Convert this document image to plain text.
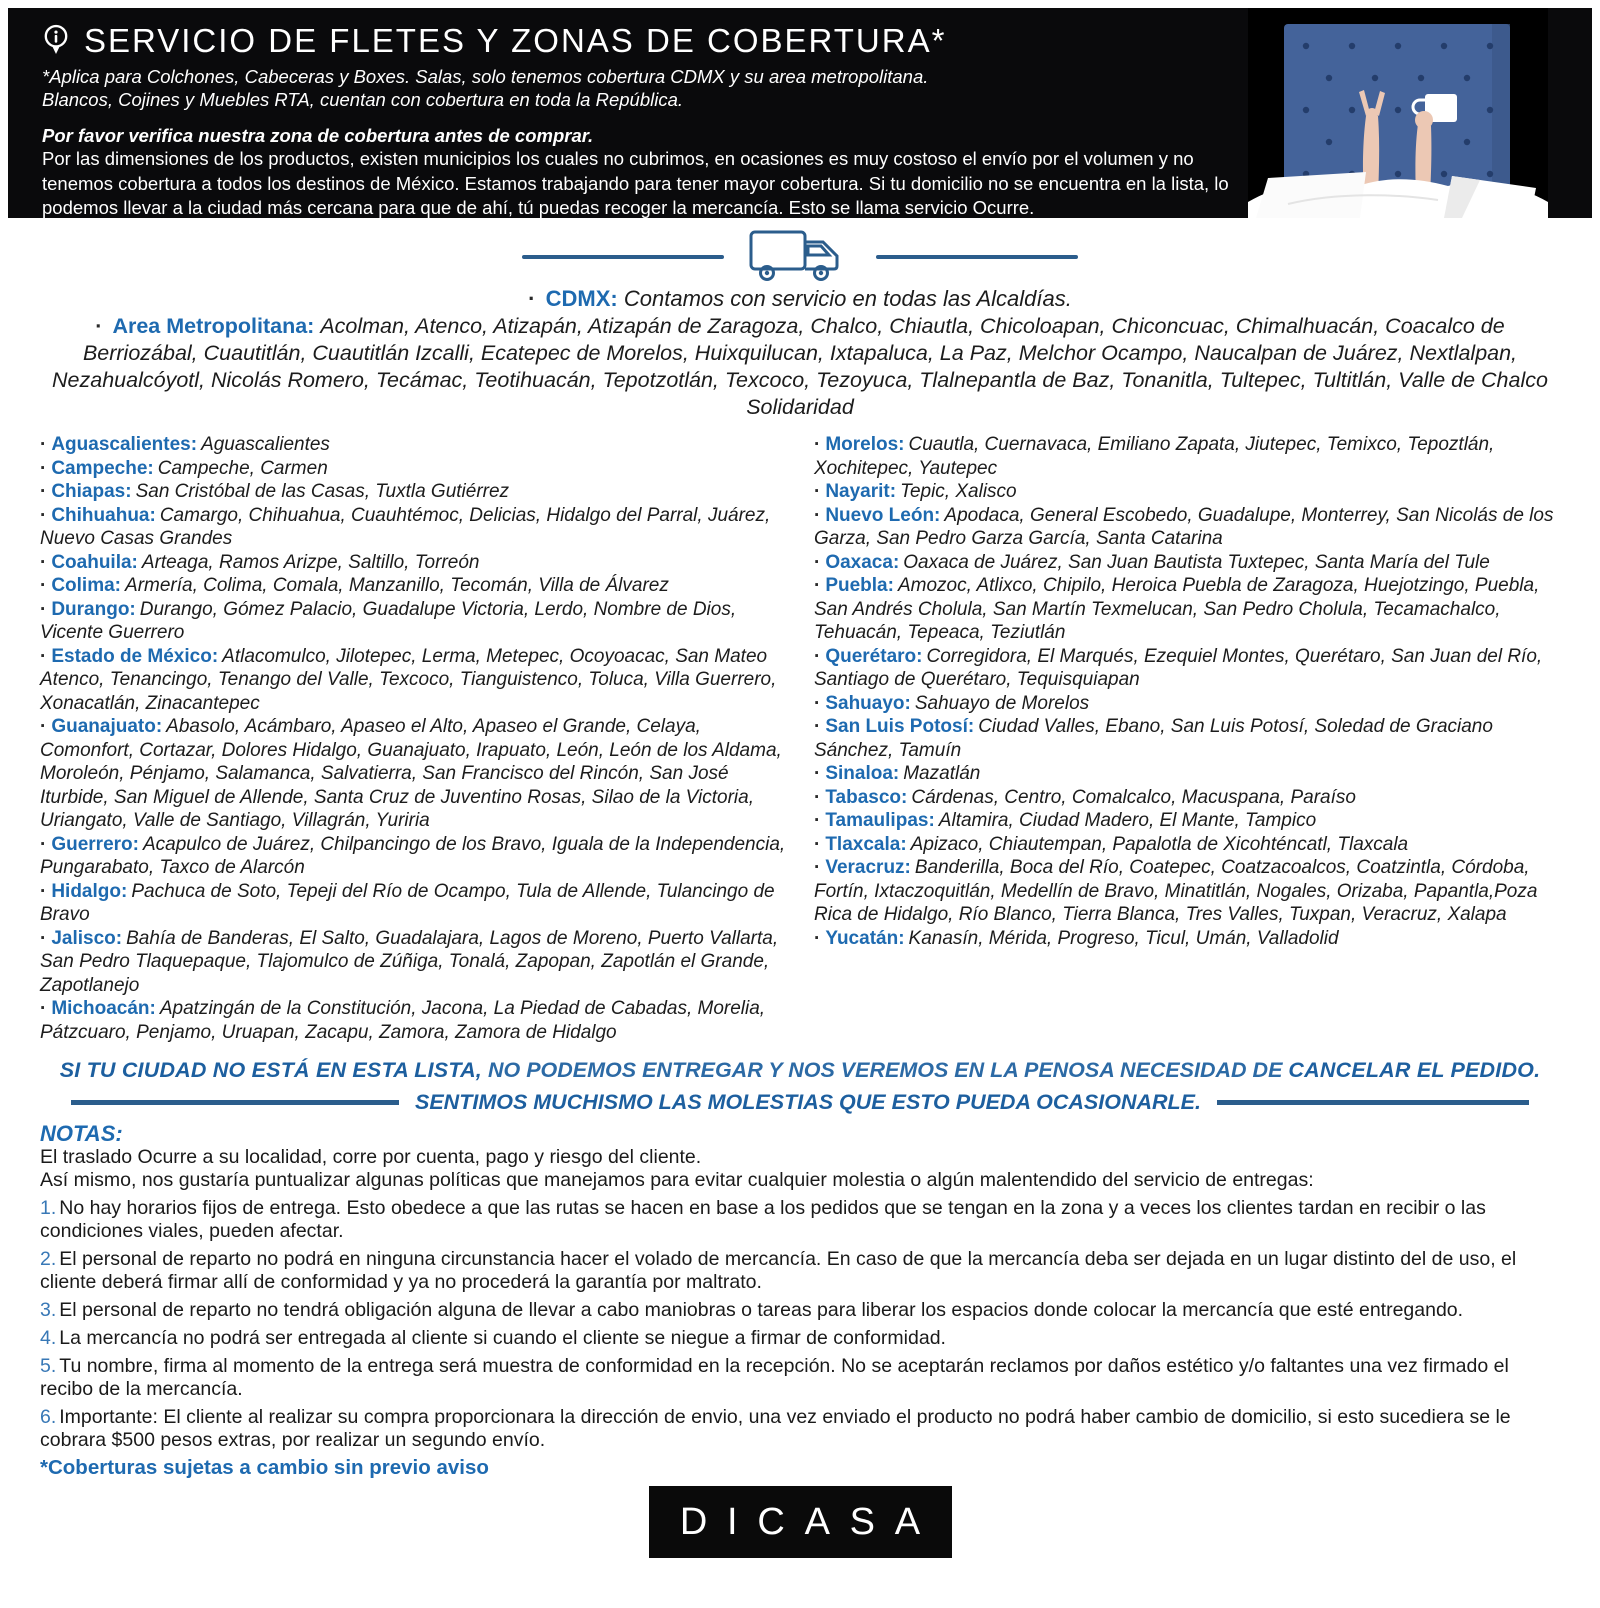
SERVICIO DE FLETES Y ZONAS DE COBERTURA*
*Aplica para Colchones, Cabeceras y Boxes. Salas, solo tenemos cobertura CDMX y su area metropolitana.
Blancos, Cojines y Muebles RTA, cuentan con cobertura en toda la República.
Por favor verifica nuestra zona de cobertura antes de comprar.
Por las dimensiones de los productos, existen municipios los cuales no cubrimos, en ocasiones es muy costoso el envío por el volumen y no tenemos cobertura a todos los destinos de México. Estamos trabajando para tener mayor cobertura. Si tu domicilio no se encuentra en la lista, lo podemos llevar a la ciudad más cercana para que de ahí, tú puedas recoger la mercancía. Esto se llama servicio Ocurre.
· CDMX: Contamos con servicio en todas las Alcaldías.
· Area Metropolitana: Acolman, Atenco, Atizapán, Atizapán de Zaragoza, Chalco, Chiautla, Chicoloapan, Chiconcuac, Chimalhuacán, Coacalco de Berriozábal, Cuautitlán, Cuautitlán Izcalli, Ecatepec de Morelos, Huixquilucan, Ixtapaluca, La Paz, Melchor Ocampo, Naucalpan de Juárez, Nextlalpan, Nezahualcóyotl, Nicolás Romero, Tecámac, Teotihuacán, Tepotzotlán, Texcoco, Tezoyuca, Tlalnepantla de Baz, Tonanitla, Tultepec, Tultitlán, Valle de Chalco Solidaridad
· Aguascalientes: Aguascalientes
· Campeche: Campeche, Carmen
· Chiapas: San Cristóbal de las Casas, Tuxtla Gutiérrez
· Chihuahua: Camargo, Chihuahua, Cuauhtémoc, Delicias, Hidalgo del Parral, Juárez, Nuevo Casas Grandes
· Coahuila: Arteaga, Ramos Arizpe, Saltillo, Torreón
· Colima: Armería, Colima, Comala, Manzanillo, Tecomán, Villa de Álvarez
· Durango: Durango, Gómez Palacio, Guadalupe Victoria, Lerdo, Nombre de Dios, Vicente Guerrero
· Estado de México: Atlacomulco, Jilotepec, Lerma, Metepec, Ocoyoacac, San Mateo Atenco, Tenancingo, Tenango del Valle, Texcoco, Tianguistenco, Toluca, Villa Guerrero, Xonacatlán, Zinacantepec
· Guanajuato: Abasolo, Acámbaro, Apaseo el Alto, Apaseo el Grande, Celaya, Comonfort, Cortazar, Dolores Hidalgo, Guanajuato, Irapuato, León, León de los Aldama, Moroleón, Pénjamo, Salamanca, Salvatierra, San Francisco del Rincón, San José Iturbide, San Miguel de Allende, Santa Cruz de Juventino Rosas, Silao de la Victoria, Uriangato, Valle de Santiago, Villagrán, Yuriria
· Guerrero: Acapulco de Juárez, Chilpancingo de los Bravo, Iguala de la Independencia, Pungarabato, Taxco de Alarcón
· Hidalgo: Pachuca de Soto, Tepeji del Río de Ocampo, Tula de Allende, Tulancingo de Bravo
· Jalisco: Bahía de Banderas, El Salto, Guadalajara, Lagos de Moreno, Puerto Vallarta, San Pedro Tlaquepaque, Tlajomulco de Zúñiga, Tonalá, Zapopan, Zapotlán el Grande, Zapotlanejo
· Michoacán: Apatzingán de la Constitución, Jacona, La Piedad de Cabadas, Morelia, Pátzcuaro, Penjamo, Uruapan, Zacapu, Zamora, Zamora de Hidalgo
· Morelos: Cuautla, Cuernavaca, Emiliano Zapata, Jiutepec, Temixco, Tepoztlán, Xochitepec, Yautepec
· Nayarit: Tepic, Xalisco
· Nuevo León: Apodaca, General Escobedo, Guadalupe, Monterrey, San Nicolás de los Garza, San Pedro Garza García, Santa Catarina
· Oaxaca: Oaxaca de Juárez, San Juan Bautista Tuxtepec, Santa María del Tule
· Puebla: Amozoc, Atlixco, Chipilo, Heroica Puebla de Zaragoza, Huejotzingo, Puebla, San Andrés Cholula, San Martín Texmelucan, San Pedro Cholula, Tecamachalco, Tehuacán, Tepeaca, Teziutlán
· Querétaro: Corregidora, El Marqués, Ezequiel Montes, Querétaro, San Juan del Río, Santiago de Querétaro, Tequisquiapan
· Sahuayo: Sahuayo de Morelos
· San Luis Potosí: Ciudad Valles, Ebano, San Luis Potosí, Soledad de Graciano Sánchez, Tamuín
· Sinaloa: Mazatlán
· Tabasco: Cárdenas, Centro, Comalcalco, Macuspana, Paraíso
· Tamaulipas: Altamira, Ciudad Madero, El Mante, Tampico
· Tlaxcala: Apizaco, Chiautempan, Papalotla de Xicohténcatl, Tlaxcala
· Veracruz: Banderilla, Boca del Río, Coatepec, Coatzacoalcos, Coatzintla, Córdoba, Fortín, Ixtaczoquitlán, Medellín de Bravo, Minatitlán, Nogales, Orizaba, Papantla,Poza Rica de Hidalgo, Río Blanco, Tierra Blanca, Tres Valles, Tuxpan, Veracruz, Xalapa
· Yucatán: Kanasín, Mérida, Progreso, Ticul, Umán, Valladolid
SI TU CIUDAD NO ESTÁ EN ESTA LISTA, NO PODEMOS ENTREGAR Y NOS VEREMOS EN LA PENOSA NECESIDAD DE CANCELAR EL PEDIDO.
SENTIMOS MUCHISMO LAS MOLESTIAS QUE ESTO PUEDA OCASIONARLE.
NOTAS:

El traslado Ocurre a su localidad, corre por cuenta, pago y riesgo del cliente.

Así mismo, nos gustaría puntualizar algunas políticas que manejamos para evitar cualquier molestia o algún malentendido del servicio de entregas:

1. No hay horarios fijos de entrega. Esto obedece a que las rutas se hacen en base a los pedidos que se tengan en la zona y a veces los clientes tardan en recibir o las condiciones viales, pueden afectar.
2. El personal de reparto no podrá en ninguna circunstancia hacer el volado de mercancía. En caso de que la mercancía deba ser dejada en un lugar distinto del de uso, el cliente deberá firmar allí de conformidad y ya no procederá la garantía por maltrato.
3. El personal de reparto no tendrá obligación alguna de llevar a cabo maniobras o tareas para liberar los espacios donde colocar la mercancía que esté entregando.
4. La mercancía no podrá ser entregada al cliente si cuando el cliente se niegue a firmar de conformidad.
5. Tu nombre, firma al momento de la entrega será muestra de conformidad en la recepción. No se aceptarán reclamos por daños estético y/o faltantes una vez firmado el recibo de la mercancía.
6. Importante: El cliente al realizar su compra proporcionara la dirección de envio, una vez enviado el producto no podrá haber cambio de domicilio, si esto sucediera se le cobrara $500 pesos extras, por realizar un segundo envío.
*Coberturas sujetas a cambio sin previo aviso
DICASA
